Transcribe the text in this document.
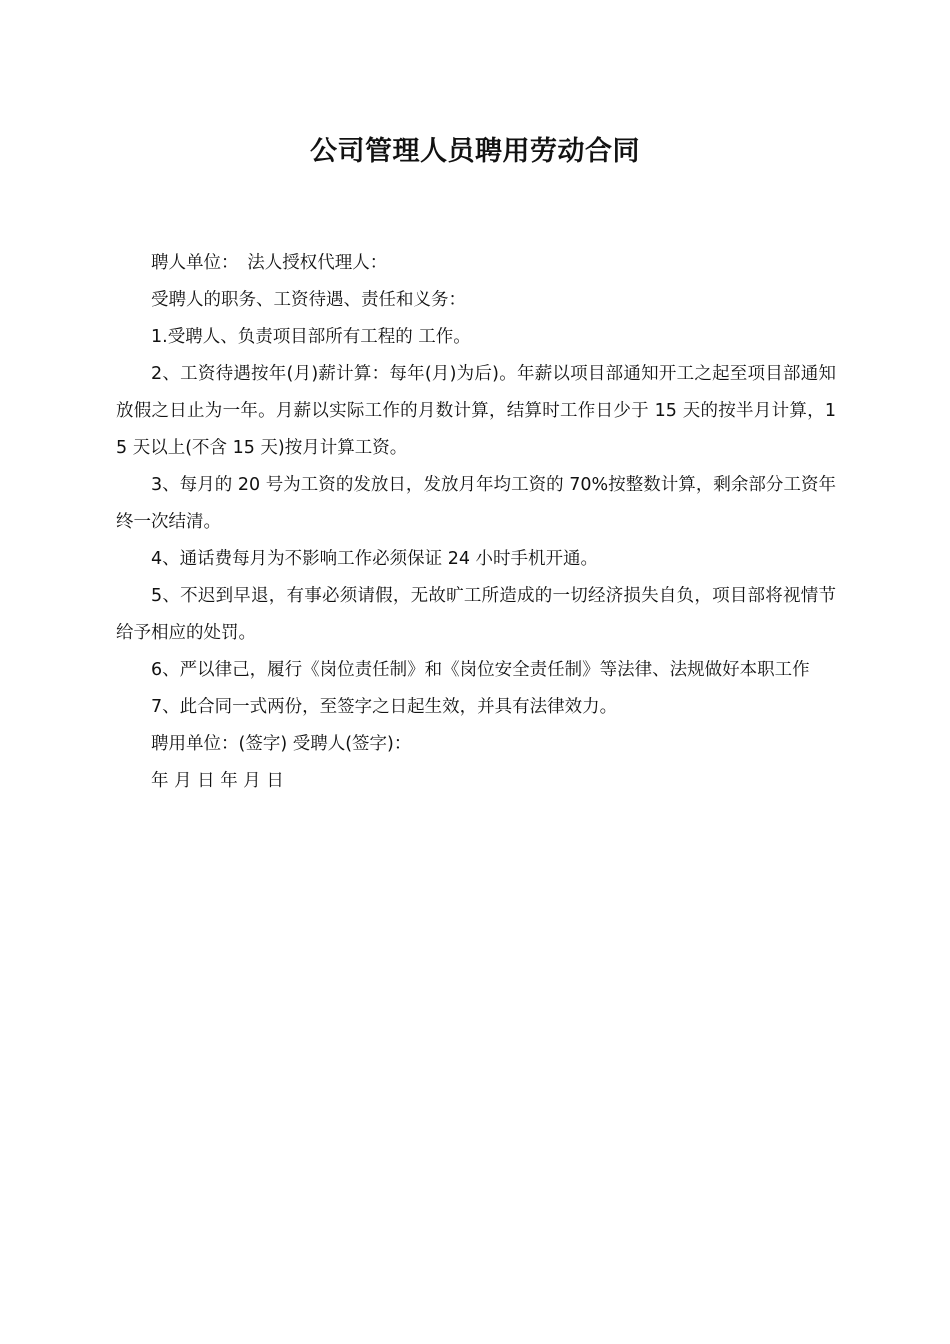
公司管理人员聘用劳动合同

聘人单位：　法人授权代理人：

受聘人的职务、工资待遇、责任和义务：

1.受聘人、负责项目部所有工程的 工作。

2、工资待遇按年(月)薪计算：每年(月)为后)。年薪以项目部通知开工之起至项目部通知放假之日止为一年。月薪以实际工作的月数计算，结算时工作日少于 15 天的按半月计算，15 天以上(不含 15 天)按月计算工资。

3、每月的 20 号为工资的发放日，发放月年均工资的 70%按整数计算，剩余部分工资年终一次结清。

4、通话费每月为不影响工作必须保证 24 小时手机开通。

5、不迟到早退，有事必须请假，无故旷工所造成的一切经济损失自负，项目部将视情节给予相应的处罚。

6、严以律己，履行《岗位责任制》和《岗位安全责任制》等法律、法规做好本职工作

7、此合同一式两份，至签字之日起生效，并具有法律效力。

聘用单位：(签字) 受聘人(签字)：

年 月 日 年 月 日
